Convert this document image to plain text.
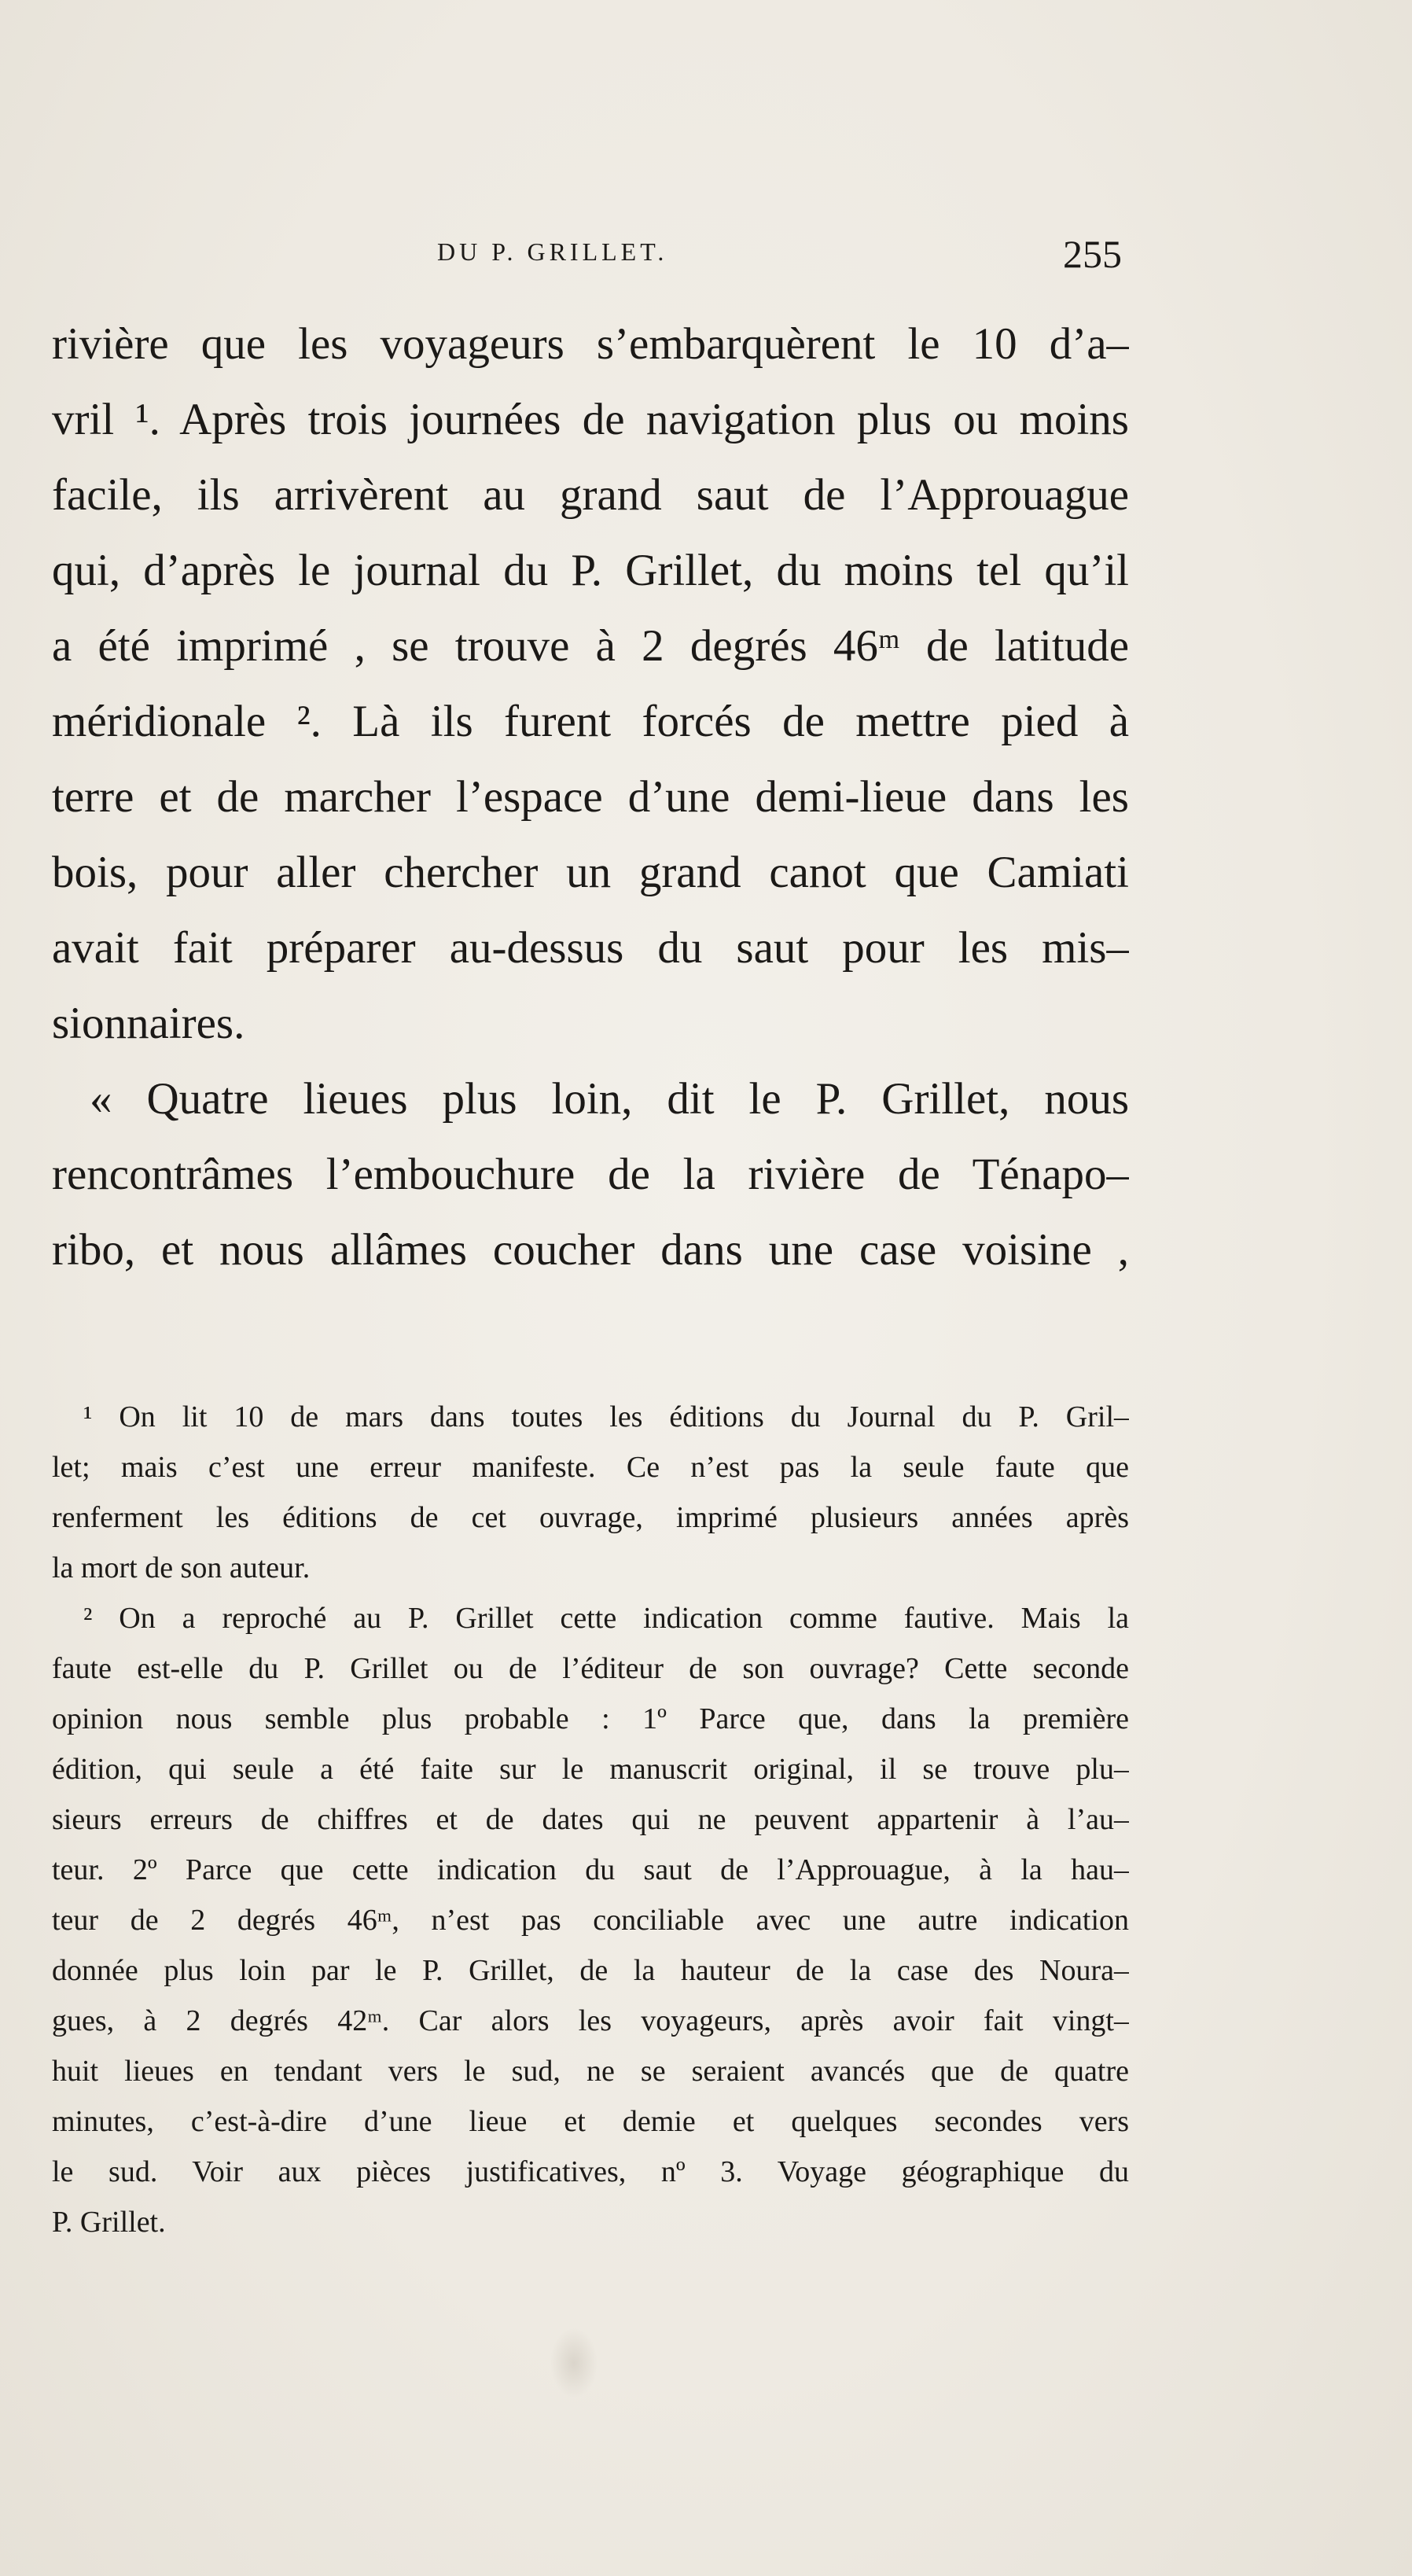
DU P. GRILLET.	255
rivière que les voyageurs s’embarquèrent le 10 d’a–
vril ¹. Après trois journées de navigation plus ou moins
facile, ils arrivèrent au grand saut de l’Approuague
qui, d’après le journal du P. Grillet, du moins tel qu’il
a été imprimé , se trouve à 2 degrés 46ᵐ de latitude
méridionale ². Là ils furent forcés de mettre pied à
terre et de marcher l’espace d’une demi-lieue dans les
bois, pour aller chercher un grand canot que Camiati
avait fait préparer au-dessus du saut pour les mis–
sionnaires.
« Quatre lieues plus loin, dit le P. Grillet, nous
rencontrâmes l’embouchure de la rivière de Ténapo–
ribo, et nous allâmes coucher dans une case voisine ,
¹ On lit 10 de mars dans toutes les éditions du Journal du P. Gril–
let; mais c’est une erreur manifeste. Ce n’est pas la seule faute que
renferment les éditions de cet ouvrage, imprimé plusieurs années après
la mort de son auteur.
² On a reproché au P. Grillet cette indication comme fautive. Mais la
faute est-elle du P. Grillet ou de l’éditeur de son ouvrage? Cette seconde
opinion nous semble plus probable : 1º Parce que, dans la première
édition, qui seule a été faite sur le manuscrit original, il se trouve plu–
sieurs erreurs de chiffres et de dates qui ne peuvent appartenir à l’au–
teur. 2º Parce que cette indication du saut de l’Approuague, à la hau–
teur de 2 degrés 46ᵐ, n’est pas conciliable avec une autre indication
donnée plus loin par le P. Grillet, de la hauteur de la case des Noura–
gues, à 2 degrés 42ᵐ. Car alors les voyageurs, après avoir fait vingt–
huit lieues en tendant vers le sud, ne se seraient avancés que de quatre
minutes, c’est-à-dire d’une lieue et demie et quelques secondes vers
le sud. Voir aux pièces justificatives, nº 3. Voyage géographique du
P. Grillet.
